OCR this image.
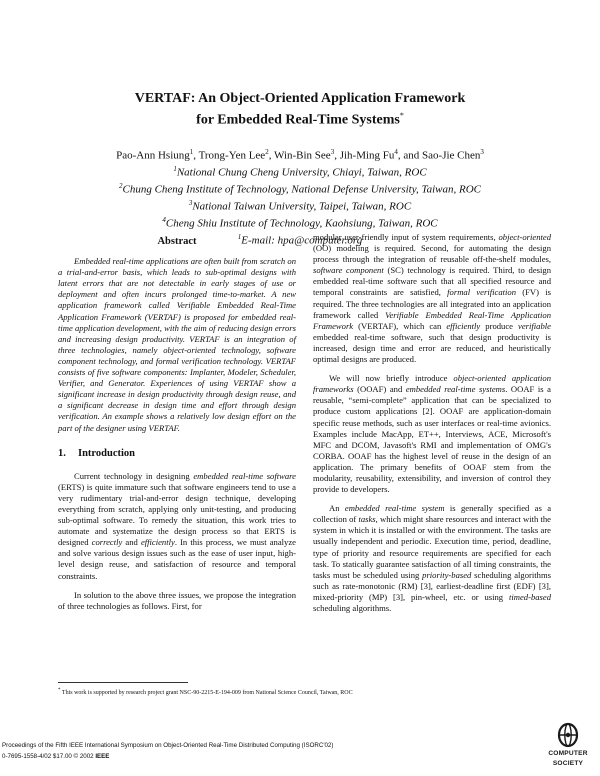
VERTAF: An Object-Oriented Application Framework
for Embedded Real-Time Systems*
Pao-Ann Hsiung$^1$, Trong-Yen Lee$^2$, Win-Bin See$^3$, Jih-Ming Fu$^4$, and Sao-Jie Chen$^3$
$^1$National Chung Cheng University, Chiayi, Taiwan, ROC
$^2$Chung Cheng Institute of Technology, National Defense University, Taiwan, ROC
$^3$National Taiwan University, Taipei, Taiwan, ROC
$^4$Cheng Shiu Institute of Technology, Kaohsiung, Taiwan, ROC
$^1$E-mail: hpa@computer.org
Abstract

Embedded real-time applications are often built from scratch on a trial-and-error basis, which leads to sub-optimal designs with latent errors that are not detectable in early stages of use or deployment and often incurs prolonged time-to-market. A new application framework called Verifiable Embedded Real-Time Application Framework (VERTAF) is proposed for embedded real-time application development, with the aim of reducing design errors and increasing design productivity. VERTAF is an integration of three technologies, namely object-oriented technology, software component technology, and formal verification technology. VERTAF consists of five software components: Implanter, Modeler, Scheduler, Verifier, and Generator. Experiences of using VERTAF show a significant increase in design productivity through design reuse, and a significant decrease in design time and effort through design verification. An example shows a relatively low design effort on the part of the designer using VERTAF.

1. Introduction

Current technology in designing embedded real-time software (ERTS) is quite immature such that software engineers tend to use a very rudimentary trial-and-error design technique, developing everything from scratch, applying only unit-testing, and producing sub-optimal software. To remedy the situation, this work tries to automate and systematize the design process so that ERTS is designed correctly and efficiently. In this process, we must analyze and solve various design issues such as the ease of user input, high-level design reuse, and satisfaction of resource and temporal constraints.

In solution to the above three issues, we propose the integration of three technologies as follows. First, for

modular user-friendly input of system requirements, object-oriented (OO) modeling is required. Second, for automating the design process through the integration of reusable off-the-shelf modules, software component (SC) technology is required. Third, to design embedded real-time software such that all specified resource and temporal constraints are satisfied, formal verification (FV) is required. The three technologies are all integrated into an application framework called Verifiable Embedded Real-Time Application Framework (VERTAF), which can efficiently produce verifiable embedded real-time software, such that design productivity is increased, design time and error are reduced, and heuristically optimal designs are produced.

We will now briefly introduce object-oriented application frameworks (OOAF) and embedded real-time systems. OOAF is a reusable, “semi-complete” application that can be specialized to produce custom applications [2]. OOAF are application-domain specific reuse methods, such as user interfaces or real-time avionics. Examples include MacApp, ET++, Interviews, ACE, Microsoft's MFC and DCOM, Javasoft's RMI and implementation of OMG's CORBA. OOAF has the highest level of reuse in the design of an application. The primary benefits of OOAF stem from the modularity, reusability, extensibility, and inversion of control they provide to developers.

An embedded real-time system is generally specified as a collection of tasks, which might share resources and interact with the system in which it is installed or with the environment. The tasks are usually independent and periodic. Execution time, period, deadline, type of priority and resource requirements are specified for each task. To statically guarantee satisfaction of all timing constraints, the tasks must be scheduled using priority-based scheduling algorithms such as rate-monotonic (RM) [3], earliest-deadline first (EDF) [3], mixed-priority (MP) [3], pin-wheel, etc. or using timed-based scheduling algorithms.

* This work is supported by research project grant NSC-90-2215-E-194-009 from National Science Council, Taiwan, ROC
Proceedings of the Fifth IEEE International Symposium on Object-Oriented Real-Time Distributed Computing (ISORC'02)
0-7695-1558-4/02 $17.00 © 2002 IEEE	COMPUTER
SOCIETY
